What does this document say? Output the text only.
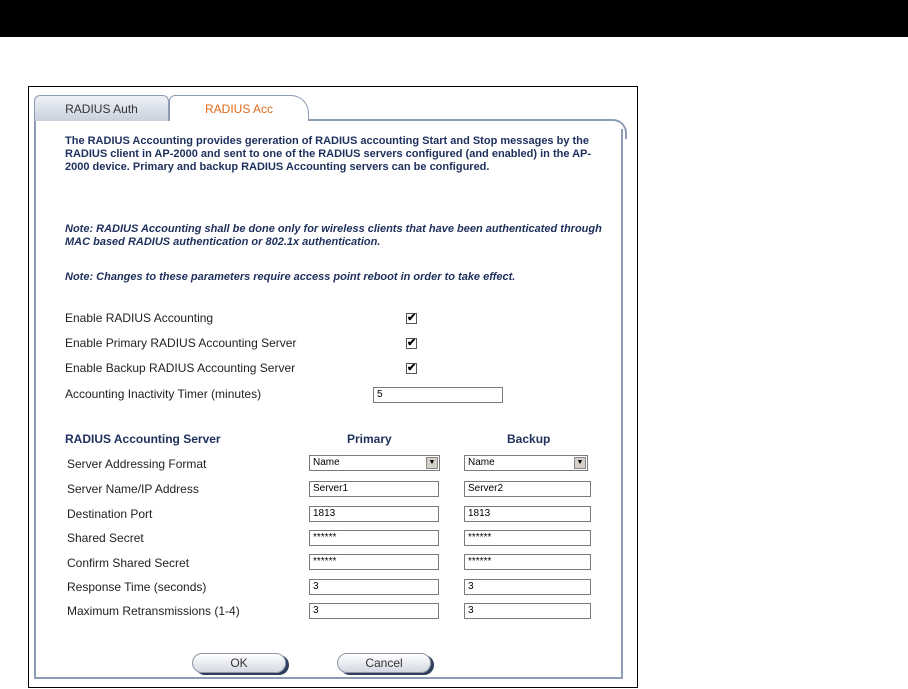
RADIUS Auth	RADIUS Acc

The RADIUS Accounting provides gereration of RADIUS accounting Start and Stop messages by the RADIUS client in AP-2000 and sent to one of the RADIUS servers configured (and enabled) in the AP-2000 device. Primary and backup RADIUS Accounting servers can be configured.

Note: RADIUS Accounting shall be done only for wireless clients that have been authenticated through MAC based RADIUS authentication or 802.1x authentication.

Note: Changes to these parameters require access point reboot in order to take effect.

Enable RADIUS Accounting	✔
Enable Primary RADIUS Accounting Server	✔
Enable Backup RADIUS Accounting Server	✔
Accounting Inactivity Timer (minutes)	5
RADIUS Accounting Server	Primary	Backup
Server Addressing Format	Name	▼	Name	▼
Server Name/IP Address	Server1	Server2
Destination Port	1813	1813
Shared Secret	******	******
Confirm Shared Secret	******	******
Response Time (seconds)	3	3
Maximum Retransmissions (1-4)	3	3
OK	Cancel
